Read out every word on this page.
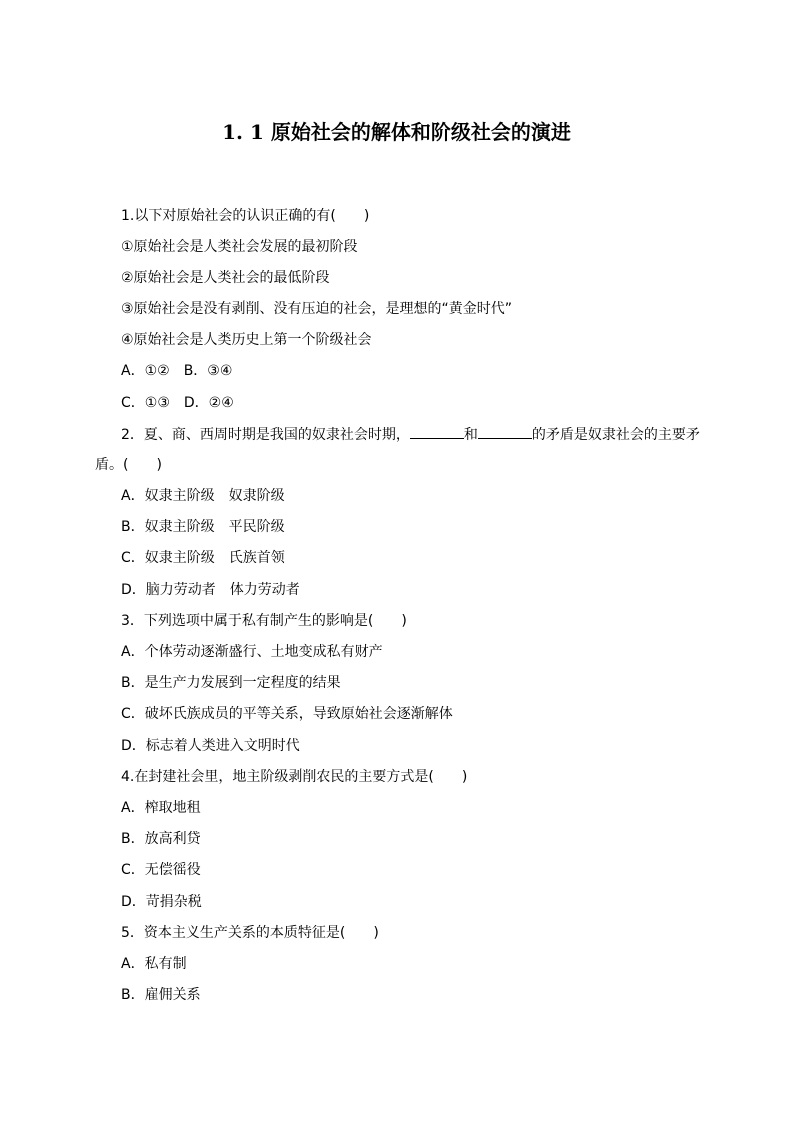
1. 1 原始社会的解体和阶级社会的演进
1.以下对原始社会的认识正确的有(　　)
①原始社会是人类社会发展的最初阶段
②原始社会是人类社会的最低阶段
③原始社会是没有剥削、没有压迫的社会，是理想的“黄金时代”
④原始社会是人类历史上第一个阶级社会
A．①② B．③④
C．①③ D．②④
2．夏、商、西周时期是我国的奴隶社会时期，	和	的矛盾是奴隶社会的主要矛
盾。(　　)
A．奴隶主阶级　奴隶阶级
B．奴隶主阶级　平民阶级
C．奴隶主阶级　氏族首领
D．脑力劳动者　体力劳动者
3．下列选项中属于私有制产生的影响是(　　)
A．个体劳动逐渐盛行、土地变成私有财产
B．是生产力发展到一定程度的结果
C．破坏氏族成员的平等关系，导致原始社会逐渐解体
D．标志着人类进入文明时代
4.在封建社会里，地主阶级剥削农民的主要方式是(　　)
A．榨取地租
B．放高利贷
C．无偿徭役
D．苛捐杂税
5．资本主义生产关系的本质特征是(　　)
A．私有制
B．雇佣关系
